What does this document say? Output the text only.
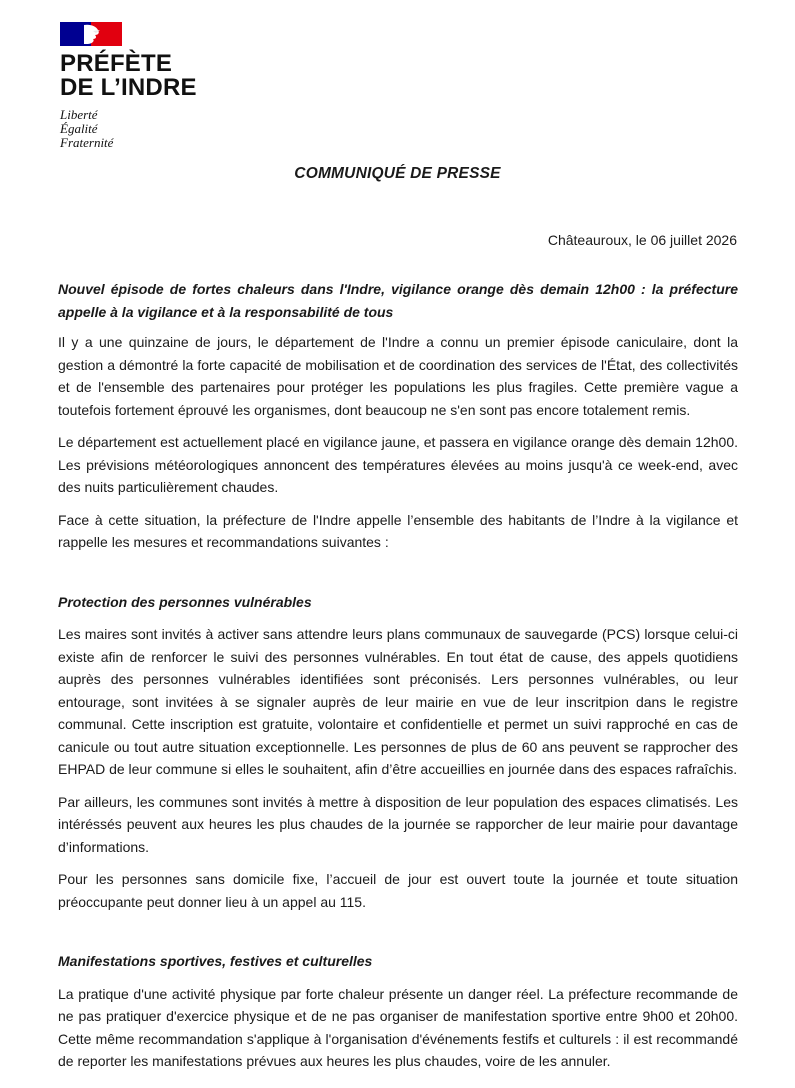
PRÉFÈTE
DE L’INDRE
Liberté
Égalité
Fraternité
COMMUNIQUÉ DE PRESSE
Châteauroux, le 06 juillet 2026

Nouvel épisode de fortes chaleurs dans l'Indre, vigilance orange dès demain 12h00 : la préfecture appelle à la vigilance et à la responsabilité de tous

Il y a une quinzaine de jours, le département de l'Indre a connu un premier épisode caniculaire, dont la gestion a démontré la forte capacité de mobilisation et de coordination des services de l'État, des collectivités et de l'ensemble des partenaires pour protéger les populations les plus fragiles. Cette première vague a toutefois fortement éprouvé les organismes, dont beaucoup ne s'en sont pas encore totalement remis.

Le département est actuellement placé en vigilance jaune, et passera en vigilance orange dès demain 12h00. Les prévisions météorologiques annoncent des températures élevées au moins jusqu'à ce week-end, avec des nuits particulièrement chaudes.

Face à cette situation, la préfecture de l'Indre appelle l’ensemble des habitants de l’Indre à la vigilance et rappelle les mesures et recommandations suivantes :

Protection des personnes vulnérables

Les maires sont invités à activer sans attendre leurs plans communaux de sauvegarde (PCS) lorsque celui-ci existe afin de renforcer le suivi des personnes vulnérables. En tout état de cause, des appels quotidiens auprès des personnes vulnérables identifiées sont préconisés. Lers personnes vulnérables, ou leur entourage, sont invitées à se signaler auprès de leur mairie en vue de leur inscritpion dans le registre communal. Cette inscription est gratuite, volontaire et confidentielle et permet un suivi rapproché en cas de canicule ou tout autre situation exceptionnelle. Les personnes de plus de 60 ans peuvent se rapprocher des EHPAD de leur commune si elles le souhaitent, afin d’être accueillies en journée dans des espaces rafraîchis.

Par ailleurs, les communes sont invités à mettre à disposition de leur population des espaces climatisés. Les intéréssés peuvent aux heures les plus chaudes de la journée se rapporcher de leur mairie pour davantage d’informations.

Pour les personnes sans domicile fixe, l’accueil de jour est ouvert toute la journée et toute situation préoccupante peut donner lieu à un appel au 115.

Manifestations sportives, festives et culturelles

La pratique d'une activité physique par forte chaleur présente un danger réel. La préfecture recommande de ne pas pratiquer d'exercice physique et de ne pas organiser de manifestation sportive entre 9h00 et 20h00. Cette même recommandation s'applique à l'organisation d'événements festifs et culturels : il est recommandé de reporter les manifestations prévues aux heures les plus chaudes, voire de les annuler.
